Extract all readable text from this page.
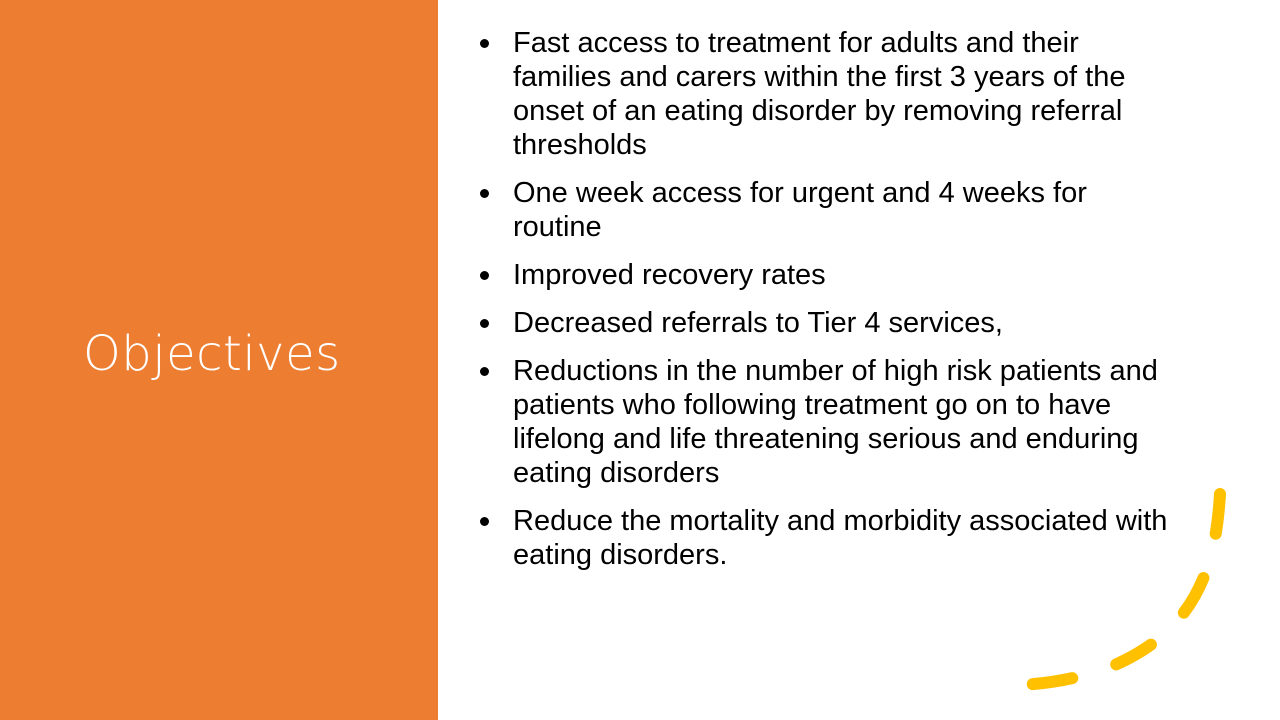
Objectives
Fast access to treatment for adults and their families and carers within the first 3 years of the onset of an eating disorder by removing referral thresholds
One week access for urgent and 4 weeks for routine
Improved recovery rates
Decreased referrals to Tier 4 services,
Reductions in the number of high risk patients and patients who following treatment go on to have lifelong and life threatening serious and enduring eating disorders
Reduce the mortality and morbidity associated with eating disorders.
